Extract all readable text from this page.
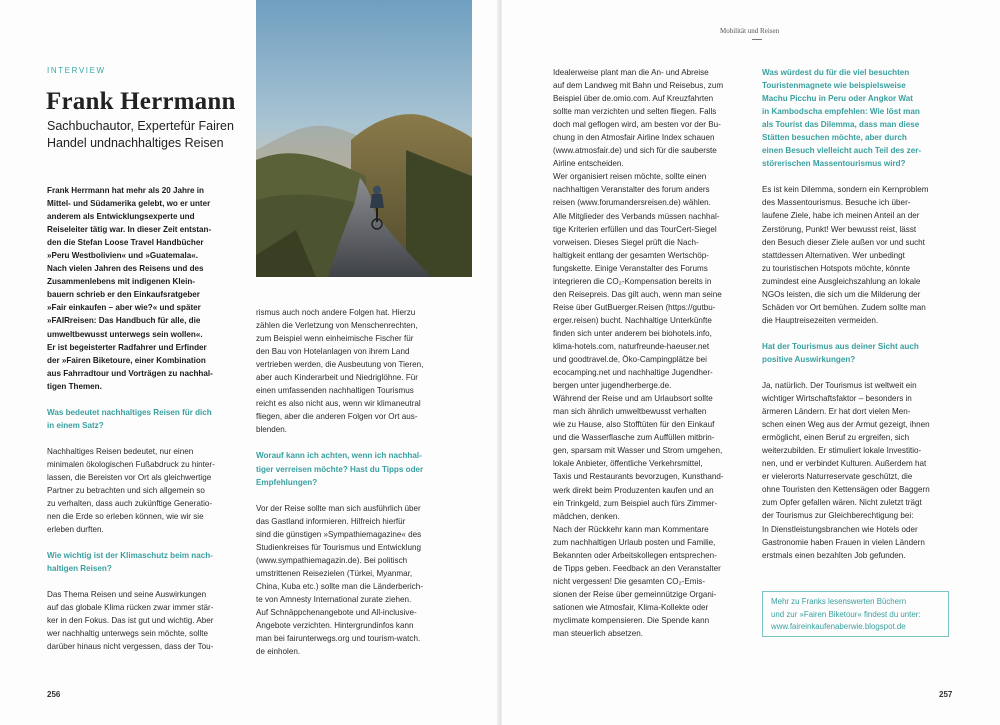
INTERVIEW
Frank Herrmann
Sachbuchautor, Expertefür Fairen Handel undnachhaltiges Reisen
Frank Herrmann hat mehr als 20 Jahre in
Mittel- und Südamerika gelebt, wo er unter
anderem als Entwicklungsexperte und
Reiseleiter tätig war. In dieser Zeit entstan-
den die Stefan Loose Travel Handbücher
»Peru Westbolivien« und »Guatemala«.
Nach vielen Jahren des Reisens und des
Zusammenlebens mit indigenen Klein-
bauern schrieb er den Einkaufsratgeber
»Fair einkaufen – aber wie?« und später
»FAIRreisen: Das Handbuch für alle, die
umweltbewusst unterwegs sein wollen«.
Er ist begeisterter Radfahrer und Erfinder
der »Fairen Biketoure, einer Kombination
aus Fahrradtour und Vorträgen zu nachhal-
tigen Themen.
Was bedeutet nachhaltiges Reisen für dich
in einem Satz?
Nachhaltiges Reisen bedeutet, nur einen
minimalen ökologischen Fußabdruck zu hinter-
lassen, die Bereisten vor Ort als gleichwertige
Partner zu betrachten und sich allgemein so
zu verhalten, dass auch zukünftige Generatio-
nen die Erde so erleben können, wie wir sie
erleben durften.
Wie wichtig ist der Klimaschutz beim nach-
haltigen Reisen?
Das Thema Reisen und seine Auswirkungen
auf das globale Klima rücken zwar immer stär-
ker in den Fokus. Das ist gut und wichtig. Aber
wer nachhaltig unterwegs sein möchte, sollte
darüber hinaus nicht vergessen, dass der Tou-
rismus auch noch andere Folgen hat. Hierzu
zählen die Verletzung von Menschenrechten,
zum Beispiel wenn einheimische Fischer für
den Bau von Hotelanlagen von ihrem Land
vertrieben werden, die Ausbeutung von Tieren,
aber auch Kinderarbeit und Niedriglöhne. Für
einen umfassenden nachhaltigen Tourismus
reicht es also nicht aus, wenn wir klimaneutral
fliegen, aber die anderen Folgen vor Ort aus-
blenden.
Worauf kann ich achten, wenn ich nachhal-
tiger verreisen möchte? Hast du Tipps oder
Empfehlungen?
Vor der Reise sollte man sich ausführlich über
das Gastland informieren. Hilfreich hierfür
sind die günstigen »Sympathiemagazine« des
Studienkreises für Tourismus und Entwicklung
(www.sympathiemagazin.de). Bei politisch
umstrittenen Reisezielen (Türkei, Myanmar,
China, Kuba etc.) sollte man die Länderberich-
te von Amnesty International zurate ziehen.
Auf Schnäppchenangebote und All-inclusive-
Angebote verzichten. Hintergrundinfos kann
man bei fairunterwegs.org und tourism-watch.
de einholen.
256
Mobilität und Reisen
Idealerweise plant man die An- und Abreise
auf dem Landweg mit Bahn und Reisebus, zum
Beispiel über de.omio.com. Auf Kreuzfahrten
sollte man verzichten und selten fliegen. Falls
doch mal geflogen wird, am besten vor der Bu-
chung in den Atmosfair Airline Index schauen
(www.atmosfair.de) und sich für die sauberste
Airline entscheiden.
Wer organisiert reisen möchte, sollte einen
nachhaltigen Veranstalter des forum anders
reisen (www.forumandersreisen.de) wählen.
Alle Mitglieder des Verbands müssen nachhal-
tige Kriterien erfüllen und das TourCert-Siegel
vorweisen. Dieses Siegel prüft die Nach-
haltigkeit entlang der gesamten Wertschöp-
fungskette. Einige Veranstalter des Forums
integrieren die CO₂-Kompensation bereits in
den Reisepreis. Das gilt auch, wenn man seine
Reise über GutBuerger.Reisen (https://gutbu-
erger.reisen) bucht. Nachhaltige Unterkünfte
finden sich unter anderem bei biohotels.info,
klima-hotels.com, naturfreunde-haeuser.net
und goodtravel.de, Öko-Campingplätze bei
ecocamping.net und nachhaltige Jugendher-
bergen unter jugendherberge.de.
Während der Reise und am Urlaubsort sollte
man sich ähnlich umweltbewusst verhalten
wie zu Hause, also Stofftüten für den Einkauf
und die Wasserflasche zum Auffüllen mitbrin-
gen, sparsam mit Wasser und Strom umgehen,
lokale Anbieter, öffentliche Verkehrsmittel,
Taxis und Restaurants bevorzugen, Kunsthand-
werk direkt beim Produzenten kaufen und an
ein Trinkgeld, zum Beispiel auch fürs Zimmer-
mädchen, denken.
Nach der Rückkehr kann man Kommentare
zum nachhaltigen Urlaub posten und Familie,
Bekannten oder Arbeitskollegen entsprechen-
de Tipps geben. Feedback an den Veranstalter
nicht vergessen! Die gesamten CO₂-Emis-
sionen der Reise über gemeinnützige Organi-
sationen wie Atmosfair, Klima-Kollekte oder
myclimate kompensieren. Die Spende kann
man steuerlich absetzen.
Was würdest du für die viel besuchten
Touristenmagnete wie beispielsweise
Machu Picchu in Peru oder Angkor Wat
in Kambodscha empfehlen: Wie löst man
als Tourist das Dilemma, dass man diese
Stätten besuchen möchte, aber durch
einen Besuch vielleicht auch Teil des zer-
störerischen Massentourismus wird?
Es ist kein Dilemma, sondern ein Kernproblem
des Massentourismus. Besuche ich über-
laufene Ziele, habe ich meinen Anteil an der
Zerstörung, Punkt! Wer bewusst reist, lässt
den Besuch dieser Ziele außen vor und sucht
stattdessen Alternativen. Wer unbedingt
zu touristischen Hotspots möchte, könnte
zumindest eine Ausgleichszahlung an lokale
NGOs leisten, die sich um die Milderung der
Schäden vor Ort bemühen. Zudem sollte man
die Hauptreisezeiten vermeiden.
Hat der Tourismus aus deiner Sicht auch
positive Auswirkungen?
Ja, natürlich. Der Tourismus ist weltweit ein
wichtiger Wirtschaftsfaktor – besonders in
ärmeren Ländern. Er hat dort vielen Men-
schen einen Weg aus der Armut gezeigt, ihnen
ermöglicht, einen Beruf zu ergreifen, sich
weiterzubilden. Er stimuliert lokale Investitio-
nen, und er verbindet Kulturen. Außerdem hat
er vielerorts Naturreservate geschützt, die
ohne Touristen den Kettensägen oder Baggern
zum Opfer gefallen wären. Nicht zuletzt trägt
der Tourismus zur Gleichberechtigung bei:
In Dienstleistungsbranchen wie Hotels oder
Gastronomie haben Frauen in vielen Ländern
erstmals einen bezahlten Job gefunden.
257
Mehr zu Franks lesenswerten Büchern
und zur »Fairen Biketour« findest du unter:
www.faireinkaufenaberwie.blogspot.de
